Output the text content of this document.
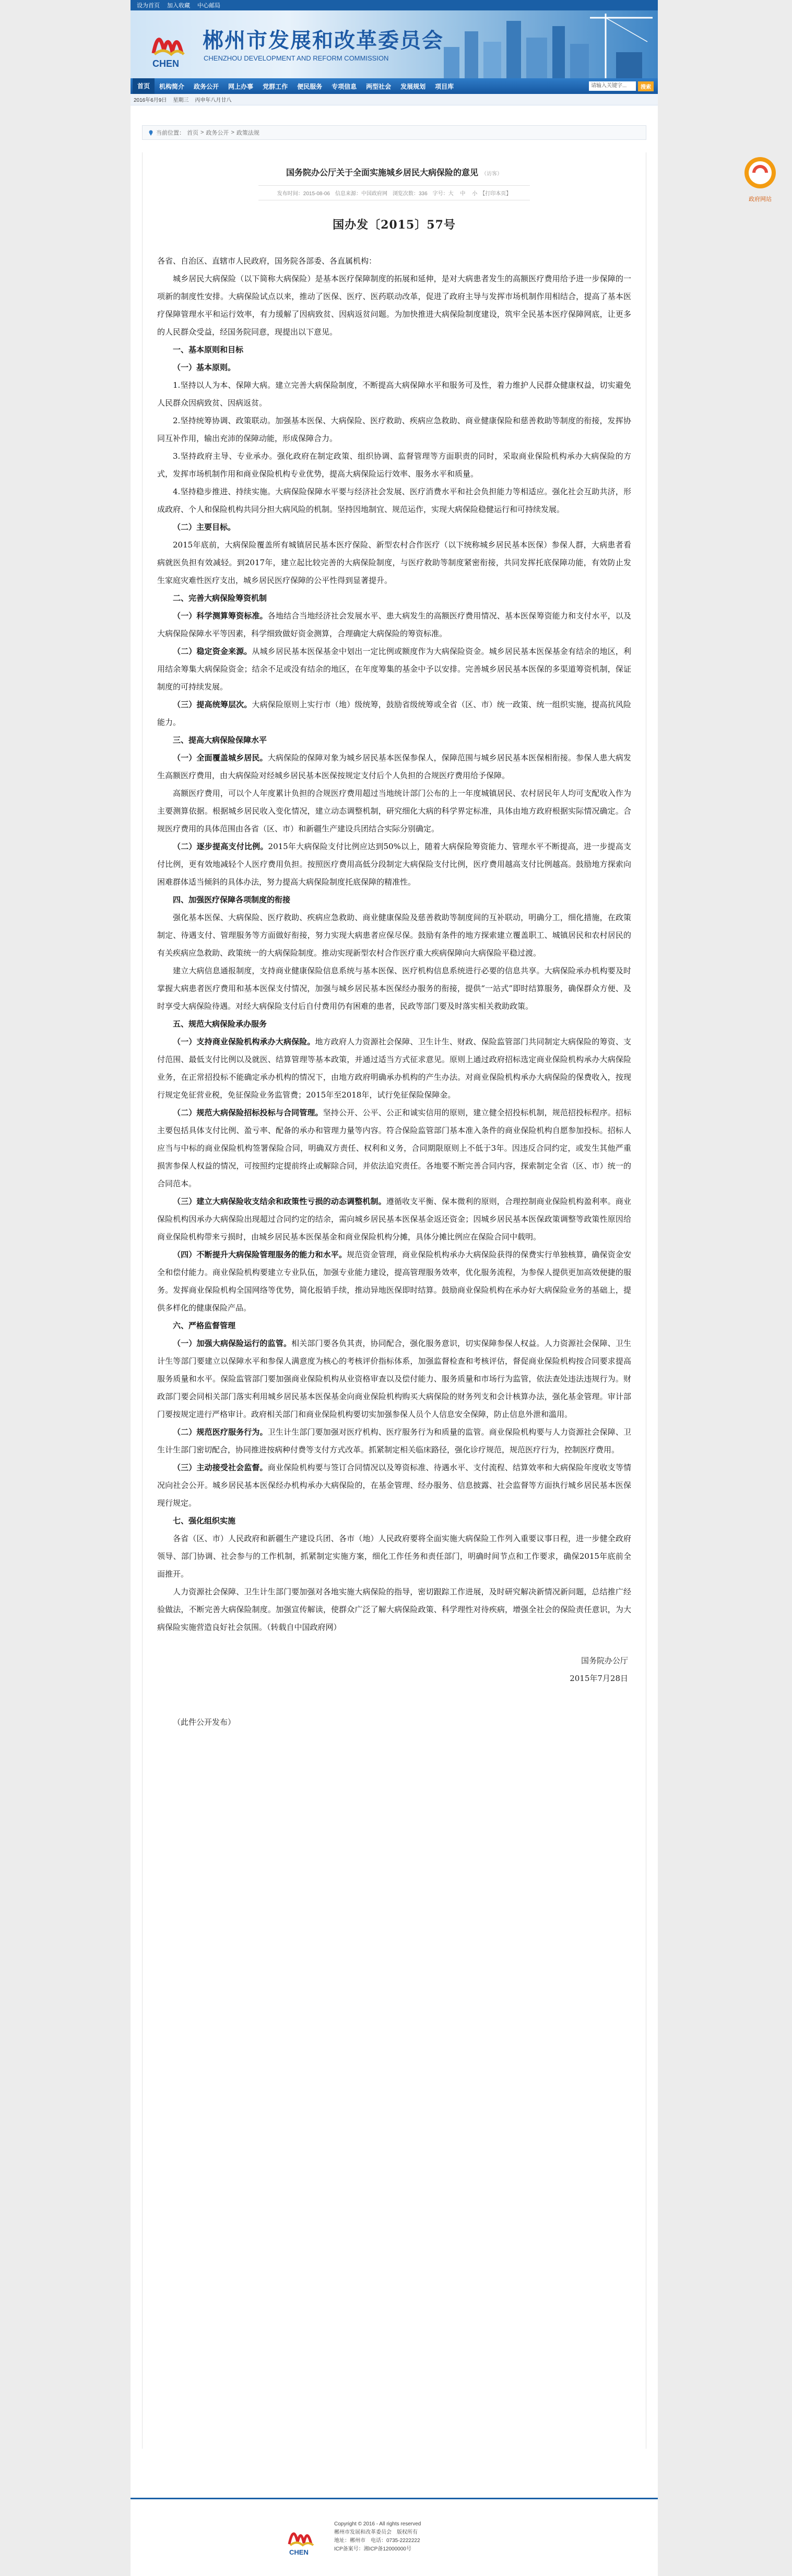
设为首页 加入收藏 中心邮局
CHEN
郴州市发展和改革委员会
CHENZHOU DEVELOPMENT AND REFORM COMMISSION
首页	机构简介	政务公开	网上办事	党群工作	便民服务	专项信息	两型社会	发展规划	项目库	请输入关键字...	搜索
2016年6月9日 星期三 丙申年八月廿八
当前位置： 首页 > 政务公开 > 政策法规
国务院办公厅关于全面实施城乡居民大病保险的意见 （访客）
发布时间：2015-08-06　信息来源：中国政府网　浏览次数：336　字号：大 中 小　【打印本页】
国办发〔2015〕57号

各省、自治区、直辖市人民政府，国务院各部委、各直属机构：

城乡居民大病保险（以下简称大病保险）是基本医疗保障制度的拓展和延伸，是对大病患者发生的高额医疗费用给予进一步保障的一项新的制度性安排。大病保险试点以来，推动了医保、医疗、医药联动改革，促进了政府主导与发挥市场机制作用相结合，提高了基本医疗保障管理水平和运行效率，有力缓解了因病致贫、因病返贫问题。为加快推进大病保险制度建设，筑牢全民基本医疗保障网底，让更多的人民群众受益，经国务院同意，现提出以下意见。

一、基本原则和目标

（一）基本原则。

1.坚持以人为本、保障大病。建立完善大病保险制度，不断提高大病保障水平和服务可及性，着力维护人民群众健康权益，切实避免人民群众因病致贫、因病返贫。

2.坚持统筹协调、政策联动。加强基本医保、大病保险、医疗救助、疾病应急救助、商业健康保险和慈善救助等制度的衔接，发挥协同互补作用，输出充沛的保障动能，形成保障合力。

3.坚持政府主导、专业承办。强化政府在制定政策、组织协调、监督管理等方面职责的同时，采取商业保险机构承办大病保险的方式，发挥市场机制作用和商业保险机构专业优势，提高大病保险运行效率、服务水平和质量。

4.坚持稳步推进、持续实施。大病保险保障水平要与经济社会发展、医疗消费水平和社会负担能力等相适应。强化社会互助共济，形成政府、个人和保险机构共同分担大病风险的机制。坚持因地制宜、规范运作，实现大病保险稳健运行和可持续发展。

（二）主要目标。

2015年底前，大病保险覆盖所有城镇居民基本医疗保险、新型农村合作医疗（以下统称城乡居民基本医保）参保人群，大病患者看病就医负担有效减轻。到2017年，建立起比较完善的大病保险制度，与医疗救助等制度紧密衔接，共同发挥托底保障功能，有效防止发生家庭灾难性医疗支出，城乡居民医疗保障的公平性得到显著提升。

二、完善大病保险筹资机制

（一）科学测算筹资标准。各地结合当地经济社会发展水平、患大病发生的高额医疗费用情况、基本医保筹资能力和支付水平，以及大病保险保障水平等因素，科学细致做好资金测算，合理确定大病保险的筹资标准。

（二）稳定资金来源。从城乡居民基本医保基金中划出一定比例或额度作为大病保险资金。城乡居民基本医保基金有结余的地区，利用结余筹集大病保险资金；结余不足或没有结余的地区，在年度筹集的基金中予以安排。完善城乡居民基本医保的多渠道筹资机制，保证制度的可持续发展。

（三）提高统筹层次。大病保险原则上实行市（地）级统筹，鼓励省级统筹或全省（区、市）统一政策、统一组织实施，提高抗风险能力。

三、提高大病保险保障水平

（一）全面覆盖城乡居民。大病保险的保障对象为城乡居民基本医保参保人，保障范围与城乡居民基本医保相衔接。参保人患大病发生高额医疗费用，由大病保险对经城乡居民基本医保按规定支付后个人负担的合规医疗费用给予保障。

高额医疗费用，可以个人年度累计负担的合规医疗费用超过当地统计部门公布的上一年度城镇居民、农村居民年人均可支配收入作为主要测算依据。根据城乡居民收入变化情况，建立动态调整机制，研究细化大病的科学界定标准，具体由地方政府根据实际情况确定。合规医疗费用的具体范围由各省（区、市）和新疆生产建设兵团结合实际分别确定。

（二）逐步提高支付比例。2015年大病保险支付比例应达到50%以上，随着大病保险筹资能力、管理水平不断提高，进一步提高支付比例，更有效地减轻个人医疗费用负担。按照医疗费用高低分段制定大病保险支付比例，医疗费用越高支付比例越高。鼓励地方探索向困难群体适当倾斜的具体办法，努力提高大病保险制度托底保障的精准性。

四、加强医疗保障各项制度的衔接

强化基本医保、大病保险、医疗救助、疾病应急救助、商业健康保险及慈善救助等制度间的互补联动，明确分工，细化措施，在政策制定、待遇支付、管理服务等方面做好衔接，努力实现大病患者应保尽保。鼓励有条件的地方探索建立覆盖职工、城镇居民和农村居民的有关疾病应急救助、政策统一的大病保险制度。推动实现新型农村合作医疗重大疾病保障向大病保险平稳过渡。

建立大病信息通报制度，支持商业健康保险信息系统与基本医保、医疗机构信息系统进行必要的信息共享。大病保险承办机构要及时掌握大病患者医疗费用和基本医保支付情况，加强与城乡居民基本医保经办服务的衔接，提供“一站式”即时结算服务，确保群众方便、及时享受大病保险待遇。对经大病保险支付后自付费用仍有困难的患者，民政等部门要及时落实相关救助政策。

五、规范大病保险承办服务

（一）支持商业保险机构承办大病保险。地方政府人力资源社会保障、卫生计生、财政、保险监管部门共同制定大病保险的筹资、支付范围、最低支付比例以及就医、结算管理等基本政策，并通过适当方式征求意见。原则上通过政府招标选定商业保险机构承办大病保险业务，在正常招投标不能确定承办机构的情况下，由地方政府明确承办机构的产生办法。对商业保险机构承办大病保险的保费收入，按现行规定免征营业税，免征保险业务监管费；2015年至2018年，试行免征保险保障金。

（二）规范大病保险招标投标与合同管理。坚持公开、公平、公正和诚实信用的原则，建立健全招投标机制，规范招投标程序。招标主要包括具体支付比例、盈亏率、配备的承办和管理力量等内容。符合保险监管部门基本准入条件的商业保险机构自愿参加投标。招标人应当与中标的商业保险机构签署保险合同，明确双方责任、权利和义务，合同期限原则上不低于3年。因违反合同约定，或发生其他严重损害参保人权益的情况，可按照约定提前终止或解除合同，并依法追究责任。各地要不断完善合同内容，探索制定全省（区、市）统一的合同范本。

（三）建立大病保险收支结余和政策性亏损的动态调整机制。遵循收支平衡、保本微利的原则，合理控制商业保险机构盈利率。商业保险机构因承办大病保险出现超过合同约定的结余，需向城乡居民基本医保基金返还资金；因城乡居民基本医保政策调整等政策性原因给商业保险机构带来亏损时，由城乡居民基本医保基金和商业保险机构分摊，具体分摊比例应在保险合同中载明。

（四）不断提升大病保险管理服务的能力和水平。规范资金管理，商业保险机构承办大病保险获得的保费实行单独核算，确保资金安全和偿付能力。商业保险机构要建立专业队伍，加强专业能力建设，提高管理服务效率，优化服务流程，为参保人提供更加高效便捷的服务。发挥商业保险机构全国网络等优势，简化报销手续，推动异地医保即时结算。鼓励商业保险机构在承办好大病保险业务的基础上，提供多样化的健康保险产品。

六、严格监督管理

（一）加强大病保险运行的监管。相关部门要各负其责，协同配合，强化服务意识，切实保障参保人权益。人力资源社会保障、卫生计生等部门要建立以保障水平和参保人满意度为核心的考核评价指标体系，加强监督检查和考核评估，督促商业保险机构按合同要求提高服务质量和水平。保险监管部门要加强商业保险机构从业资格审查以及偿付能力、服务质量和市场行为监管，依法查处违法违规行为。财政部门要会同相关部门落实利用城乡居民基本医保基金向商业保险机构购买大病保险的财务列支和会计核算办法，强化基金管理。审计部门要按规定进行严格审计。政府相关部门和商业保险机构要切实加强参保人员个人信息安全保障，防止信息外泄和滥用。

（二）规范医疗服务行为。卫生计生部门要加强对医疗机构、医疗服务行为和质量的监管。商业保险机构要与人力资源社会保障、卫生计生部门密切配合，协同推进按病种付费等支付方式改革。抓紧制定相关临床路径，强化诊疗规范，规范医疗行为，控制医疗费用。

（三）主动接受社会监督。商业保险机构要与签订合同情况以及筹资标准、待遇水平、支付流程、结算效率和大病保险年度收支等情况向社会公开。城乡居民基本医保经办机构承办大病保险的，在基金管理、经办服务、信息披露、社会监督等方面执行城乡居民基本医保现行规定。

七、强化组织实施

各省（区、市）人民政府和新疆生产建设兵团、各市（地）人民政府要将全面实施大病保险工作列入重要议事日程，进一步健全政府领导、部门协调、社会参与的工作机制，抓紧制定实施方案，细化工作任务和责任部门，明确时间节点和工作要求，确保2015年底前全面推开。

人力资源社会保障、卫生计生部门要加强对各地实施大病保险的指导，密切跟踪工作进展，及时研究解决新情况新问题，总结推广经验做法，不断完善大病保险制度。加强宣传解读，使群众广泛了解大病保险政策、科学理性对待疾病，增强全社会的保险责任意识，为大病保险实施营造良好社会氛围。（转载自中国政府网）

国务院办公厅
2015年7月28日
（此件公开发布）
CHEN
Copyright © 2016 - All rights reserved
郴州市发展和改革委员会　版权所有
地址：郴州市　电话：0735-2222222
ICP备案号：湘ICP备12000000号
政府网站
